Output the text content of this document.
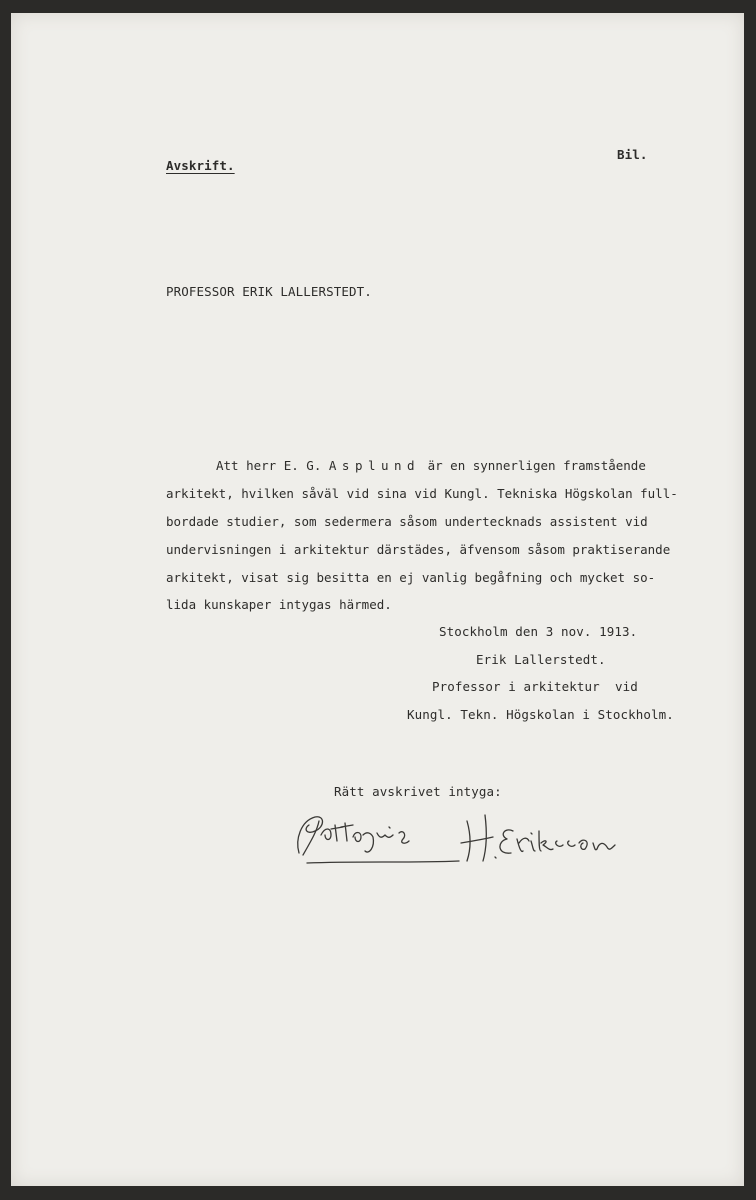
Avskrift.
Bil.
PROFESSOR ERIK LALLERSTEDT.
Att herr E. G. Asplund är en synnerligen framstående
arkitekt, hvilken såväl vid sina vid Kungl. Tekniska Högskolan full-
bordade studier, som sedermera såsom undertecknads assistent vid
undervisningen i arkitektur därstädes, äfvensom såsom praktiserande
arkitekt, visat sig besitta en ej vanlig begåfning och mycket so-
lida kunskaper intygas härmed.
Stockholm den 3 nov. 1913.
Erik Lallerstedt.
Professor i arkitektur  vid
Kungl. Tekn. Högskolan i Stockholm.
Rätt avskrivet intyga:
